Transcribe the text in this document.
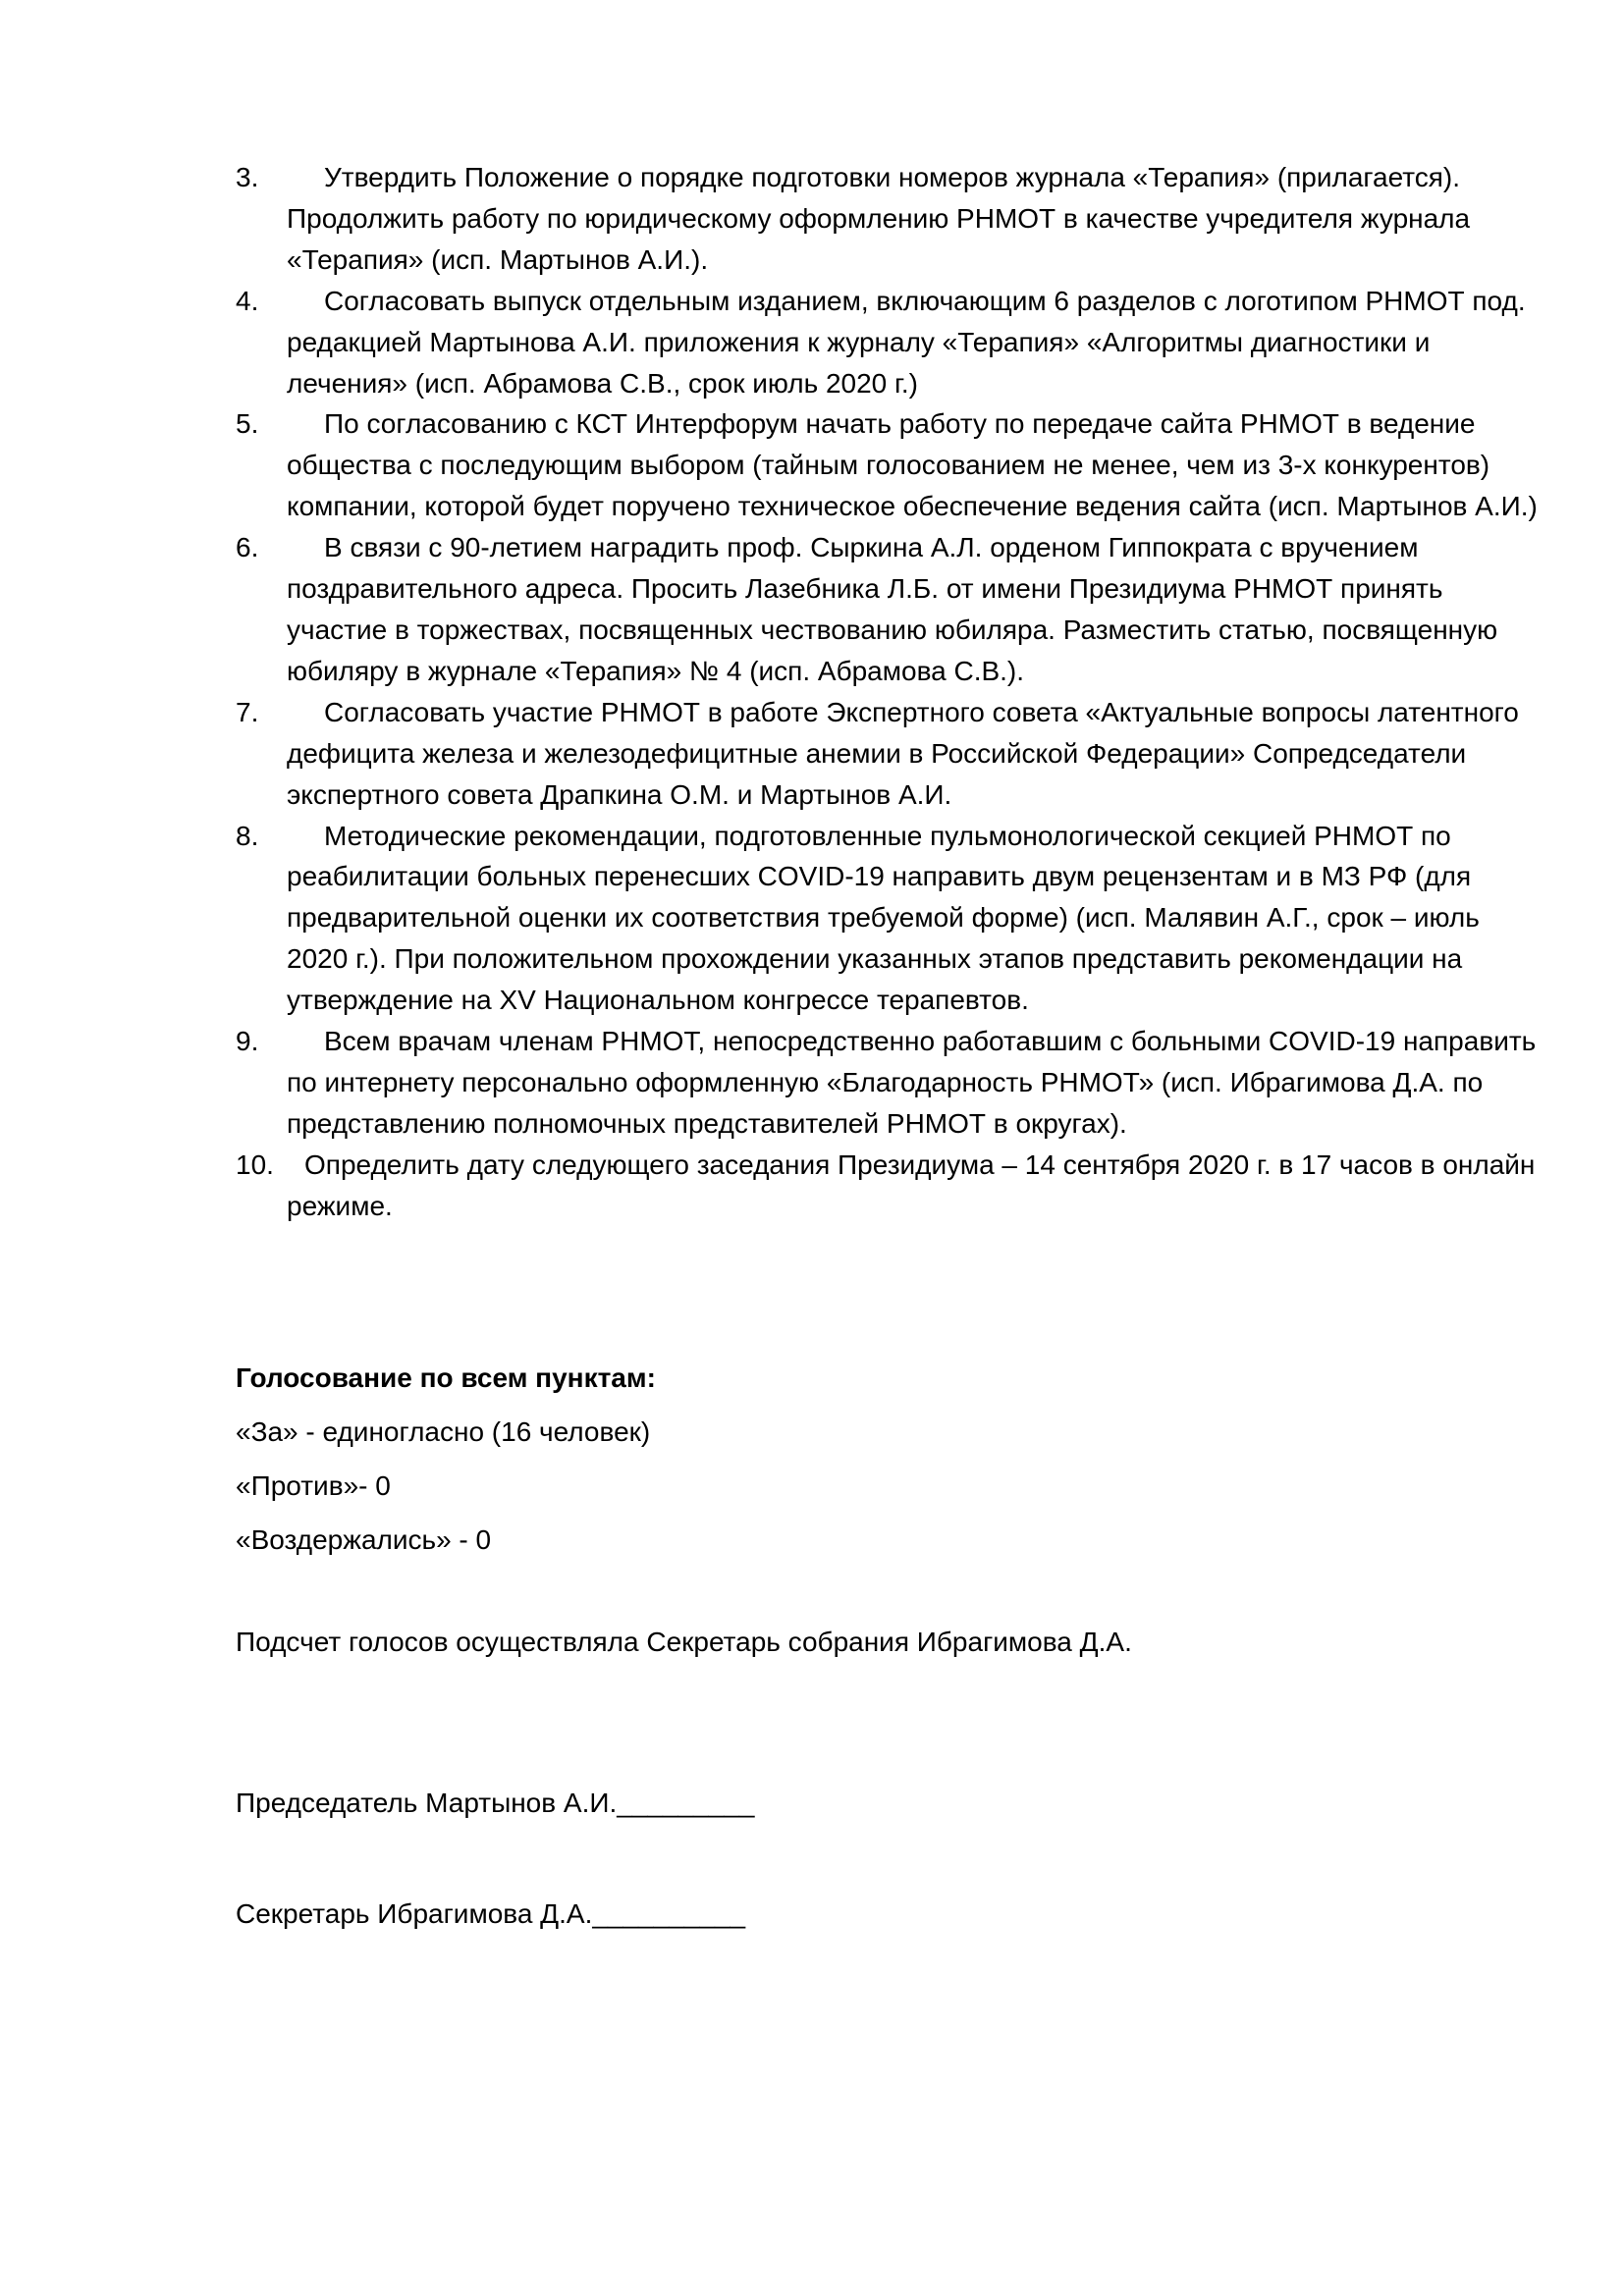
3.	Утвердить Положение о порядке подготовки номеров журнала «Терапия» (прилагается). Продолжить работу по юридическому оформлению РНМОТ в качестве учредителя журнала «Терапия» (исп. Мартынов А.И.).
4.	Согласовать выпуск отдельным изданием, включающим 6 разделов с логотипом РНМОТ под. редакцией Мартынова А.И. приложения к журналу «Терапия» «Алгоритмы диагностики и лечения» (исп. Абрамова С.В., срок июль 2020 г.)
5.	По согласованию с КСТ Интерфорум начать работу по передаче сайта РНМОТ в ведение общества с последующим выбором (тайным голосованием не менее, чем из 3-х конкурентов) компании, которой будет поручено техническое обеспечение ведения сайта (исп. Мартынов А.И.)
6.	В связи с 90-летием наградить проф. Сыркина А.Л. орденом Гиппократа с вручением поздравительного адреса. Просить Лазебника Л.Б. от имени Президиума РНМОТ принять участие в торжествах, посвященных чествованию юбиляра. Разместить статью, посвященную юбиляру в журнале «Терапия» № 4 (исп. Абрамова С.В.).
7.	Согласовать участие РНМОТ в работе Экспертного совета «Актуальные вопросы латентного дефицита железа и железодефицитные анемии в Российской Федерации» Сопредседатели экспертного совета Драпкина О.М. и Мартынов А.И.
8.	Методические рекомендации, подготовленные пульмонологической секцией РНМОТ по реабилитации больных перенесших COVID-19 направить двум рецензентам и в МЗ РФ (для предварительной оценки их соответствия требуемой форме) (исп. Малявин А.Г., срок – июль 2020 г.). При положительном прохождении указанных этапов представить рекомендации на утверждение на XV Национальном конгрессе терапевтов.
9.	Всем врачам членам РНМОТ, непосредственно работавшим с больными COVID-19 направить по интернету персонально оформленную «Благодарность РНМОТ» (исп. Ибрагимова Д.А. по представлению полномочных представителей РНМОТ в округах).
10.	Определить дату следующего заседания Президиума – 14 сентября 2020 г. в 17 часов в онлайн режиме.

Голосование по всем пунктам:

«За» - единогласно (16 человек)

«Против»- 0

«Воздержались» - 0

Подсчет голосов осуществляла Секретарь собрания Ибрагимова Д.А.

Председатель Мартынов А.И._________

Секретарь Ибрагимова Д.А.__________
